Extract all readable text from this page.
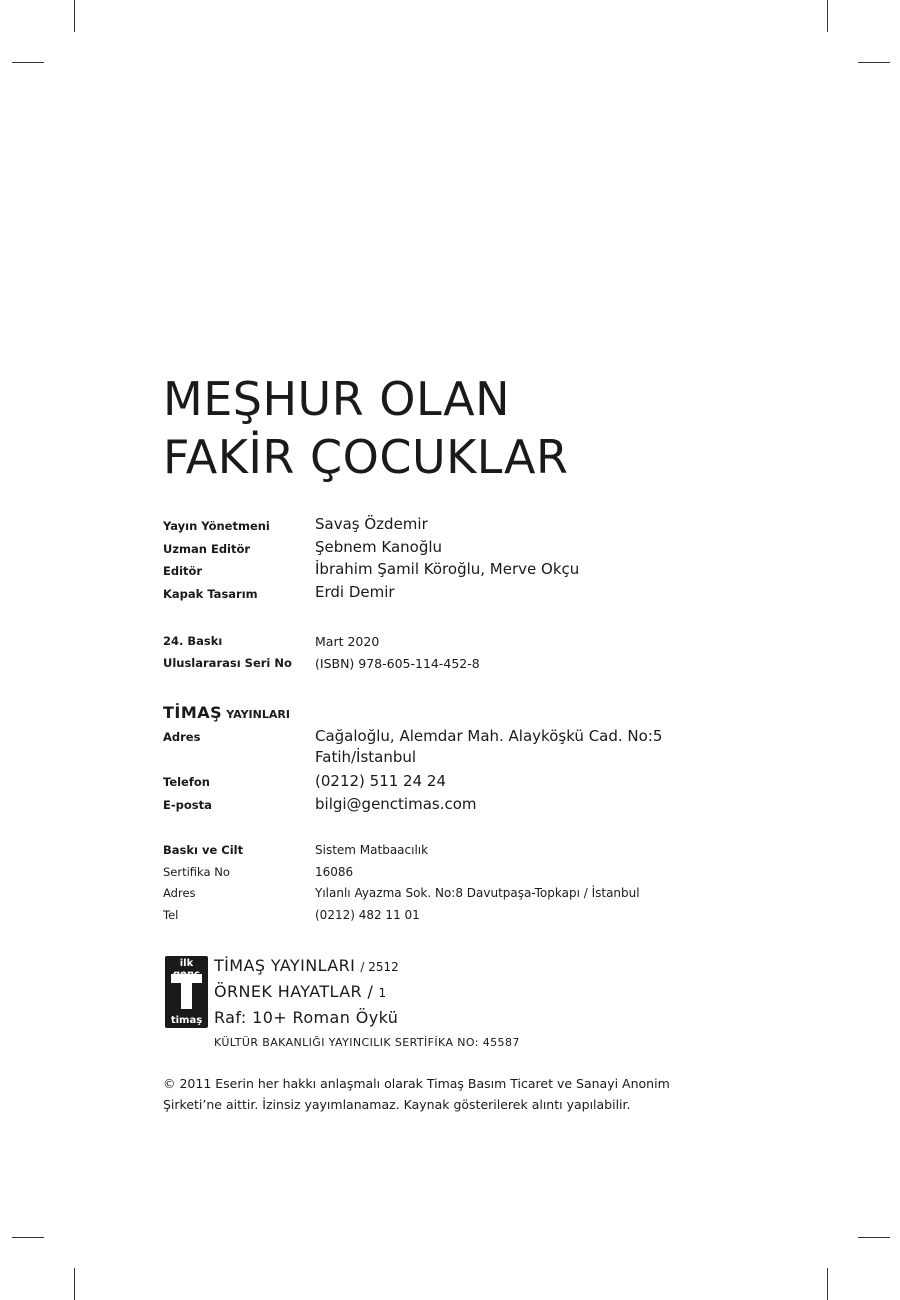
MEŞHUR OLAN
FAKİR ÇOCUKLAR
Yayın Yönetmeni	Savaş Özdemir
Uzman Editör	Şebnem Kanoğlu
Editör	İbrahim Şamil Köroğlu, Merve Okçu
Kapak Tasarım	Erdi Demir
24. Baskı	Mart 2020
Uluslararası Seri No (ISBN) 978-605-114-452-8
TİMAŞ YAYINLARI
Adres	Cağaloğlu, Alemdar Mah. Alayköşkü Cad. No:5
Fatih/İstanbul
Telefon	(0212) 511 24 24
E-posta	bilgi@genctimas.com
Baskı ve Cilt	Sistem Matbaacılık
Sertifika No	16086
Adres	Yılanlı Ayazma Sok. No:8 Davutpaşa-Topkapı / İstanbul
Tel	(0212) 482 11 01
ilk
timaş
TİMAŞ YAYINLARI / 2512
ÖRNEK HAYATLAR / 1
Raf: 10+ Roman Öykü
KÜLTÜR BAKANLIĞI YAYINCILIK SERTİFİKA NO: 45587
© 2011 Eserin her hakkı anlaşmalı olarak Timaş Basım Ticaret ve Sanayi Anonim
Şirketi’ne aittir. İzinsiz yayımlanamaz. Kaynak gösterilerek alıntı yapılabilir.
